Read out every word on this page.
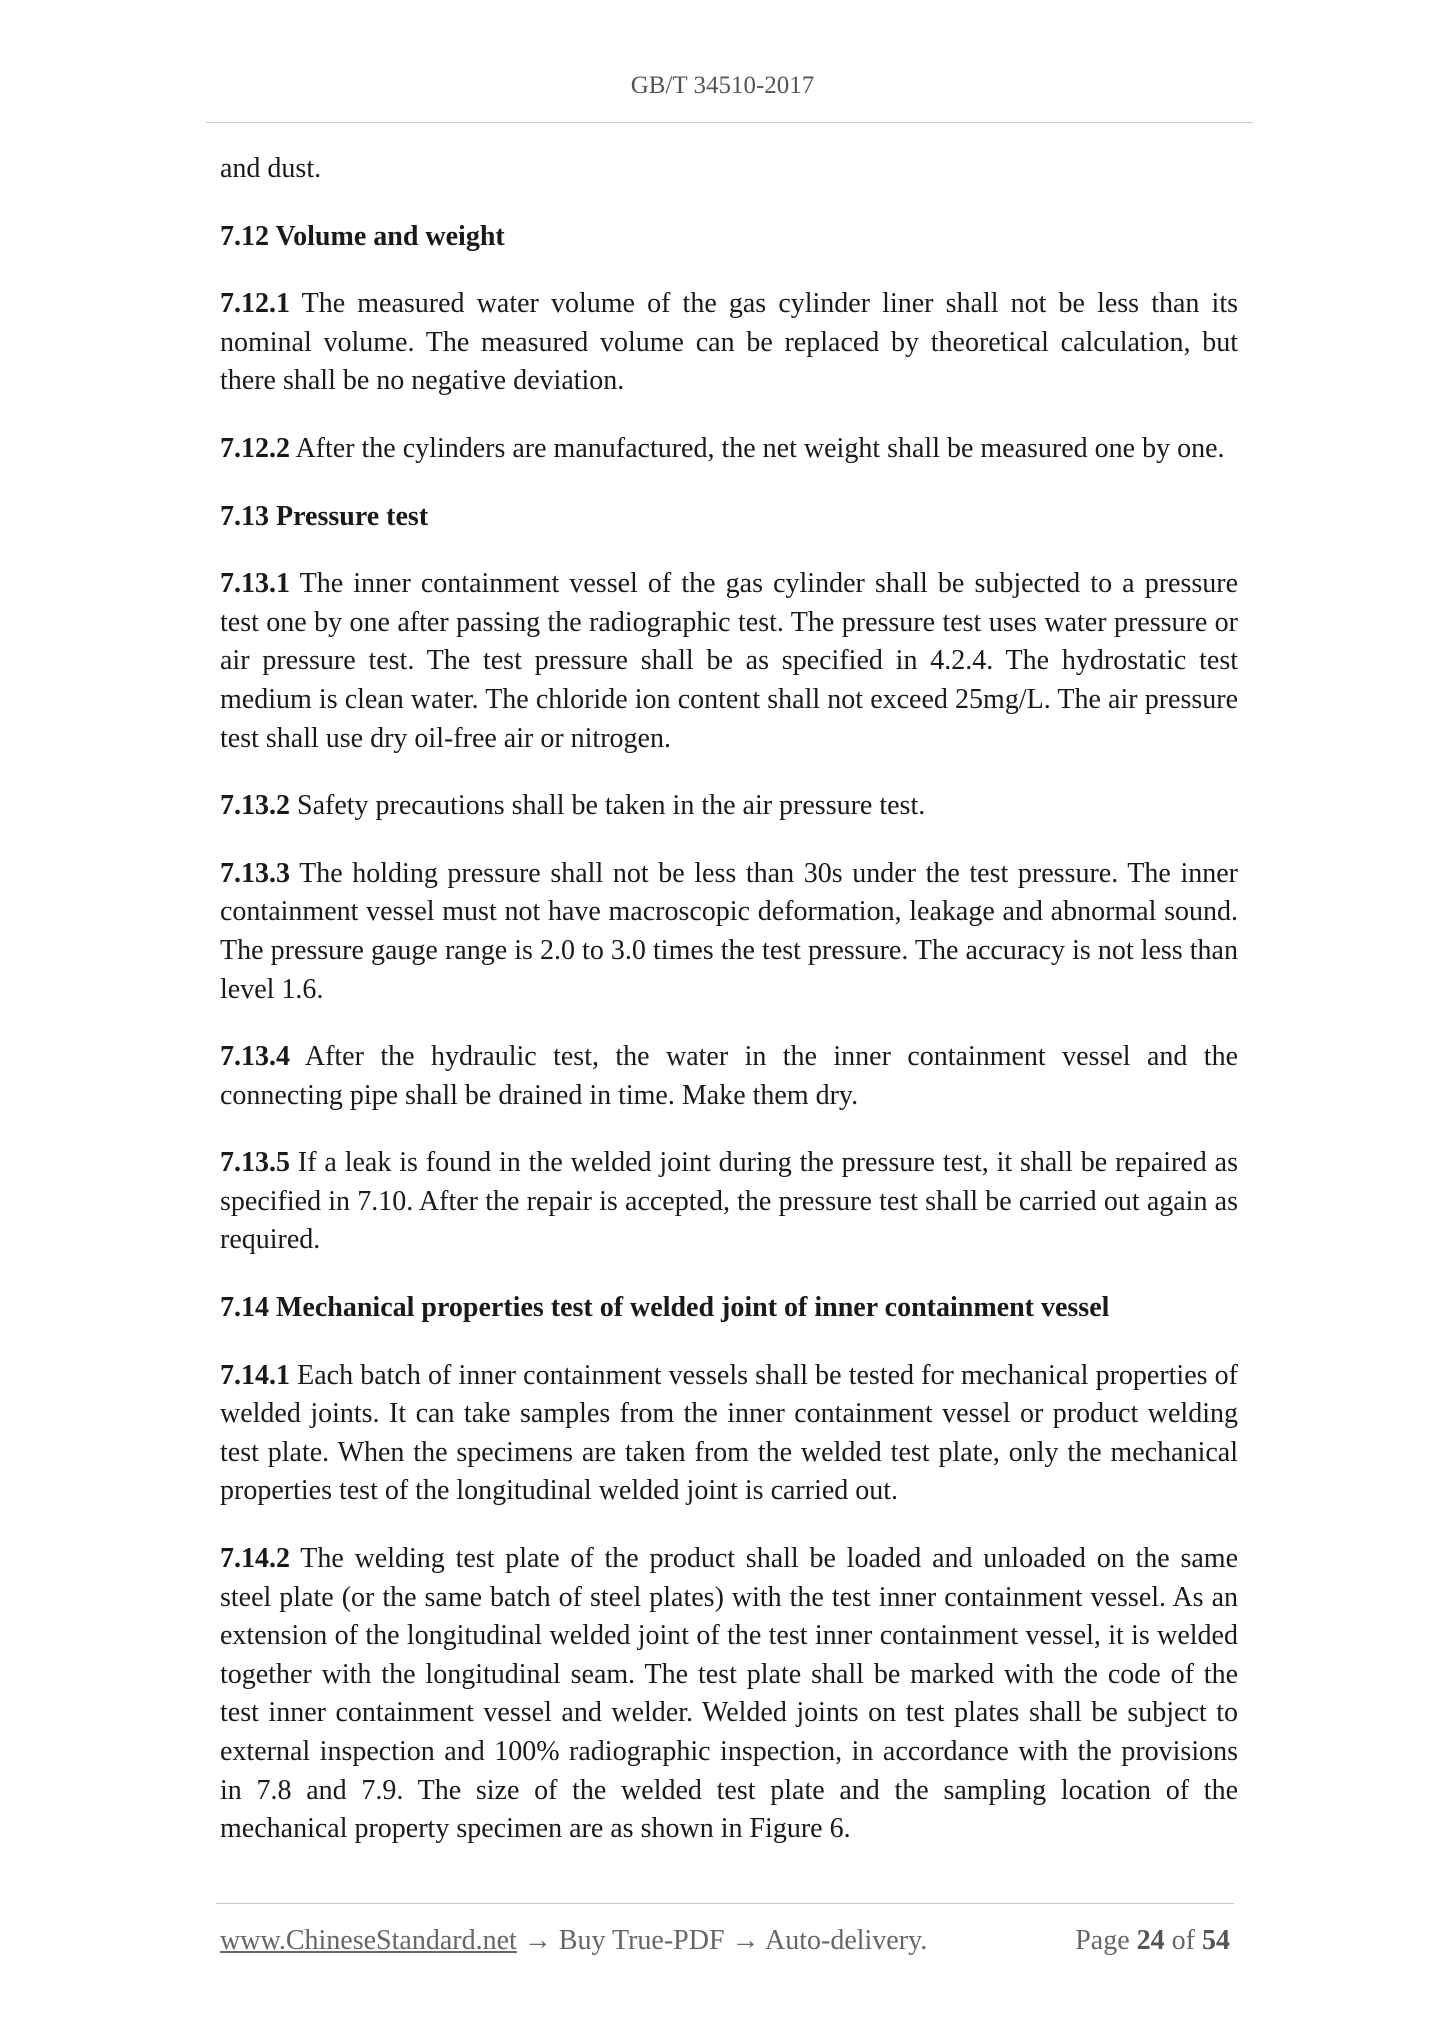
GB/T 34510-2017

and dust.

7.12 Volume and weight

7.12.1 The measured water volume of the gas cylinder liner shall not be less than its nominal volume. The measured volume can be replaced by theoretical calculation, but there shall be no negative deviation.

7.12.2 After the cylinders are manufactured, the net weight shall be measured one by one.

7.13 Pressure test

7.13.1 The inner containment vessel of the gas cylinder shall be subjected to a pressure test one by one after passing the radiographic test. The pressure test uses water pressure or air pressure test. The test pressure shall be as specified in 4.2.4. The hydrostatic test medium is clean water. The chloride ion content shall not exceed 25mg/L. The air pressure test shall use dry oil-free air or nitrogen.

7.13.2 Safety precautions shall be taken in the air pressure test.

7.13.3 The holding pressure shall not be less than 30s under the test pressure. The inner containment vessel must not have macroscopic deformation, leakage and abnormal sound. The pressure gauge range is 2.0 to 3.0 times the test pressure. The accuracy is not less than level 1.6.

7.13.4 After the hydraulic test, the water in the inner containment vessel and the connecting pipe shall be drained in time. Make them dry.

7.13.5 If a leak is found in the welded joint during the pressure test, it shall be repaired as specified in 7.10. After the repair is accepted, the pressure test shall be carried out again as required.

7.14 Mechanical properties test of welded joint of inner containment vessel

7.14.1 Each batch of inner containment vessels shall be tested for mechanical properties of welded joints. It can take samples from the inner containment vessel or product welding test plate. When the specimens are taken from the welded test plate, only the mechanical properties test of the longitudinal welded joint is carried out.

7.14.2 The welding test plate of the product shall be loaded and unloaded on the same steel plate (or the same batch of steel plates) with the test inner containment vessel. As an extension of the longitudinal welded joint of the test inner containment vessel, it is welded together with the longitudinal seam. The test plate shall be marked with the code of the test inner containment vessel and welder. Welded joints on test plates shall be subject to external inspection and 100% radiographic inspection, in accordance with the provisions in 7.8 and 7.9. The size of the welded test plate and the sampling location of the mechanical property specimen are as shown in Figure 6.

www.ChineseStandard.net → Buy True-PDF → Auto-delivery.	Page 24 of 54
